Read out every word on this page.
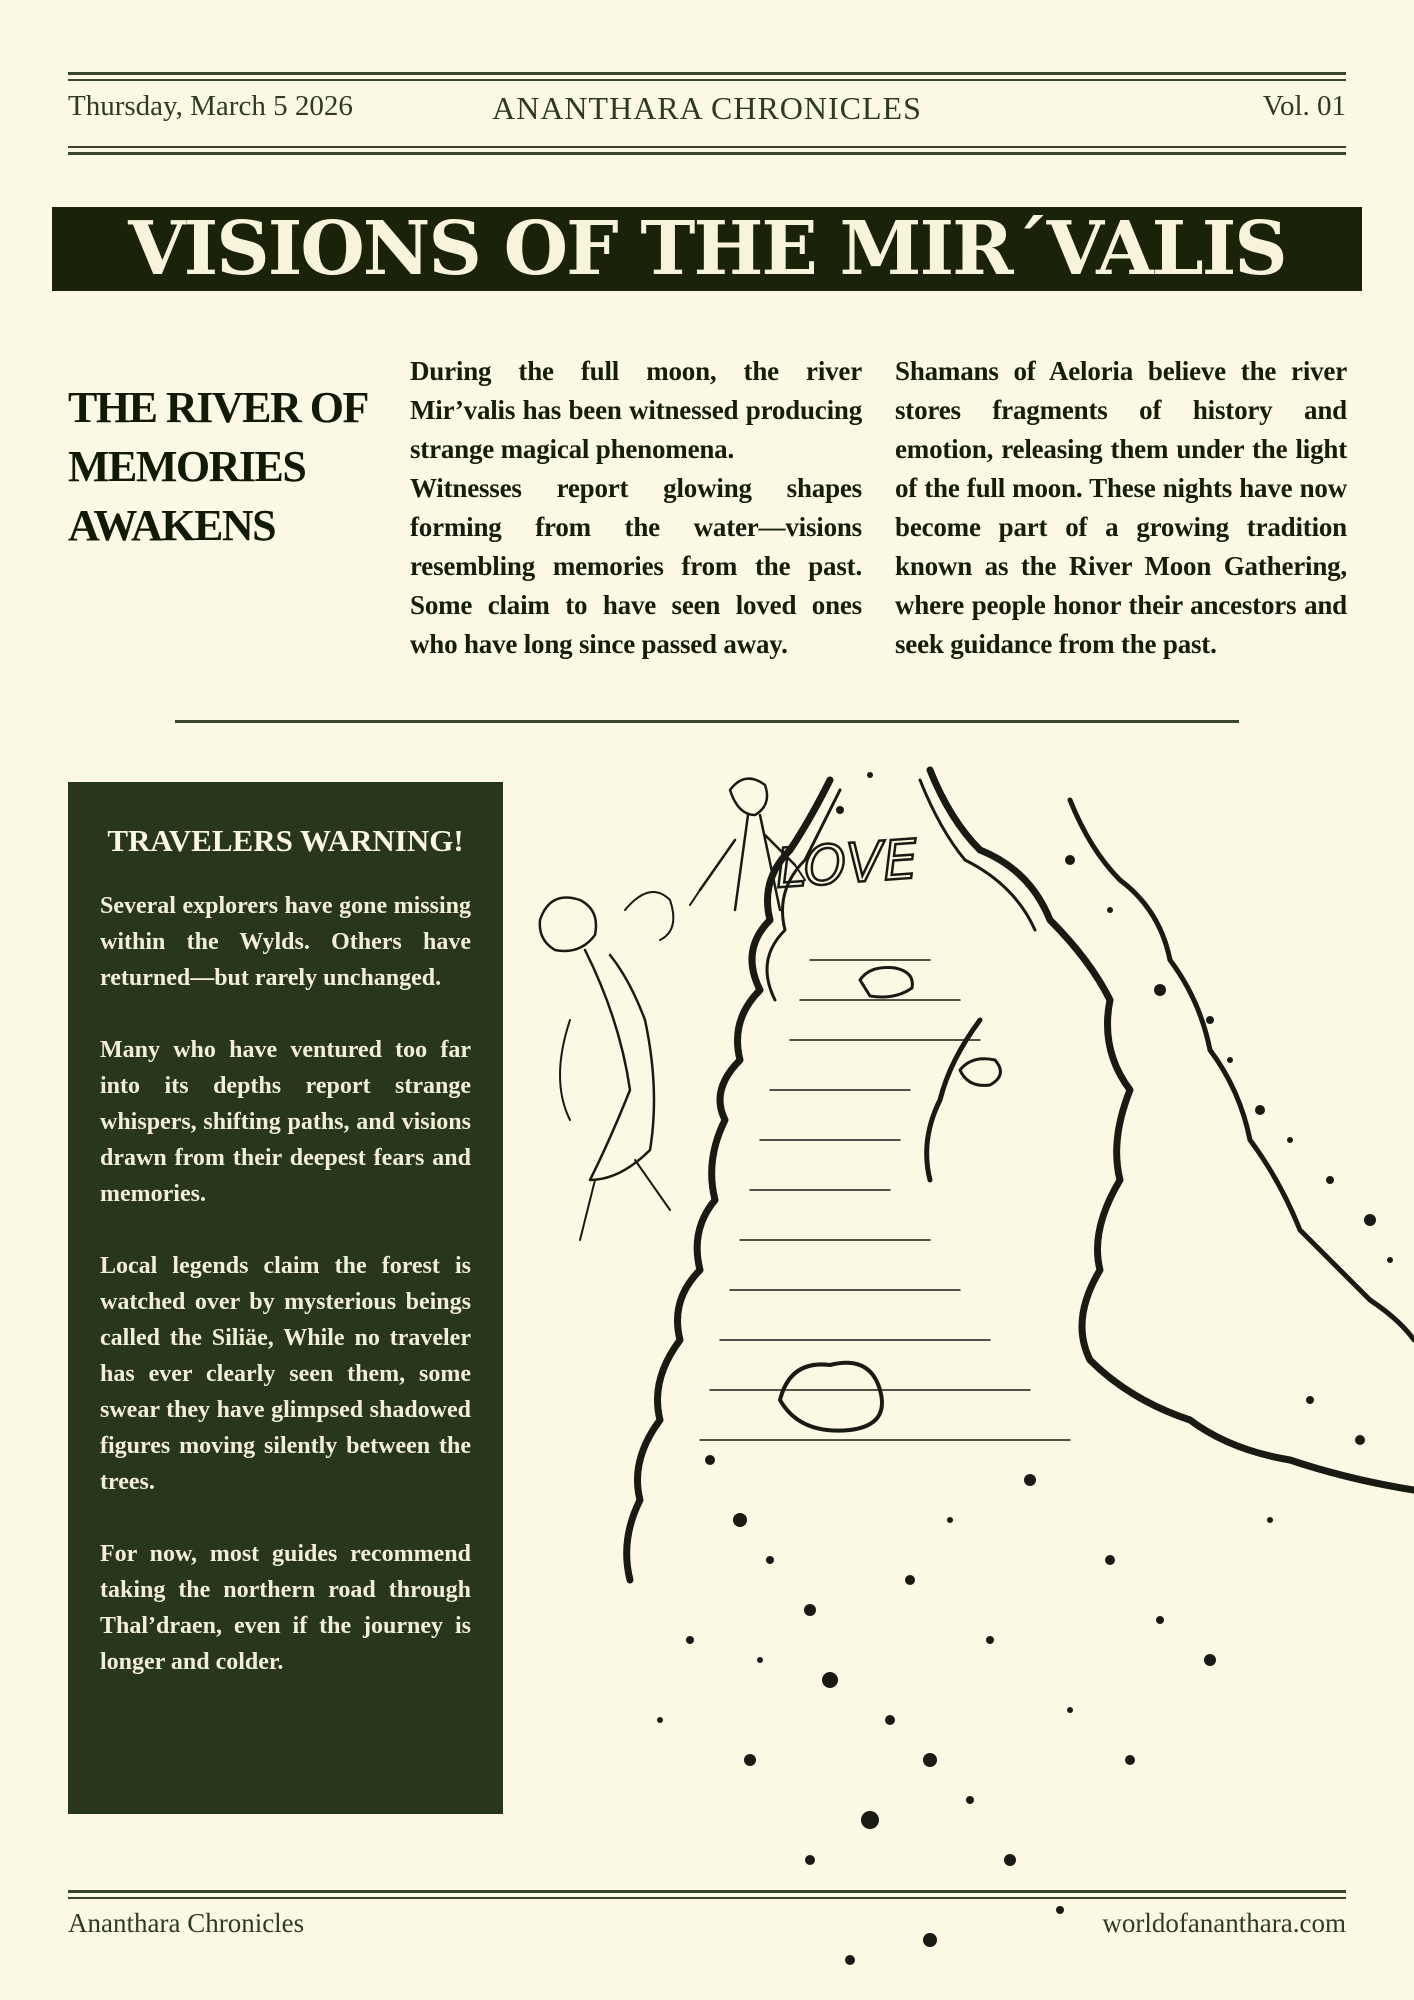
Thursday, March 5 2026	ANANTHARA CHRONICLES	Vol. 01
VISIONS OF THE MIR´VALIS
THE RIVER OF MEMORIES AWAKENS

During the full moon, the river Mir’valis has been witnessed producing strange magical phenomena.

Witnesses report glowing shapes forming from the water—visions resembling memories from the past. Some claim to have seen loved ones who have long since passed away.

Shamans of Aeloria believe the river stores fragments of history and emotion, releasing them under the light of the full moon. These nights have now become part of a growing tradition known as the River Moon Gathering, where people honor their ancestors and seek guidance from the past.

TRAVELERS WARNING!

Several explorers have gone missing within the Wylds. Others have returned—but rarely unchanged.

Many who have ventured too far into its depths report strange whispers, shifting paths, and visions drawn from their deepest fears and memories.

Local legends claim the forest is watched over by mysterious beings called the Siliäe, While no traveler has ever clearly seen them, some swear they have glimpsed shadowed figures moving silently between the trees.

For now, most guides recommend taking the northern road through Thal’draen, even if the journey is longer and colder.

LOVE
Ananthara Chronicles	worldofananthara.com
